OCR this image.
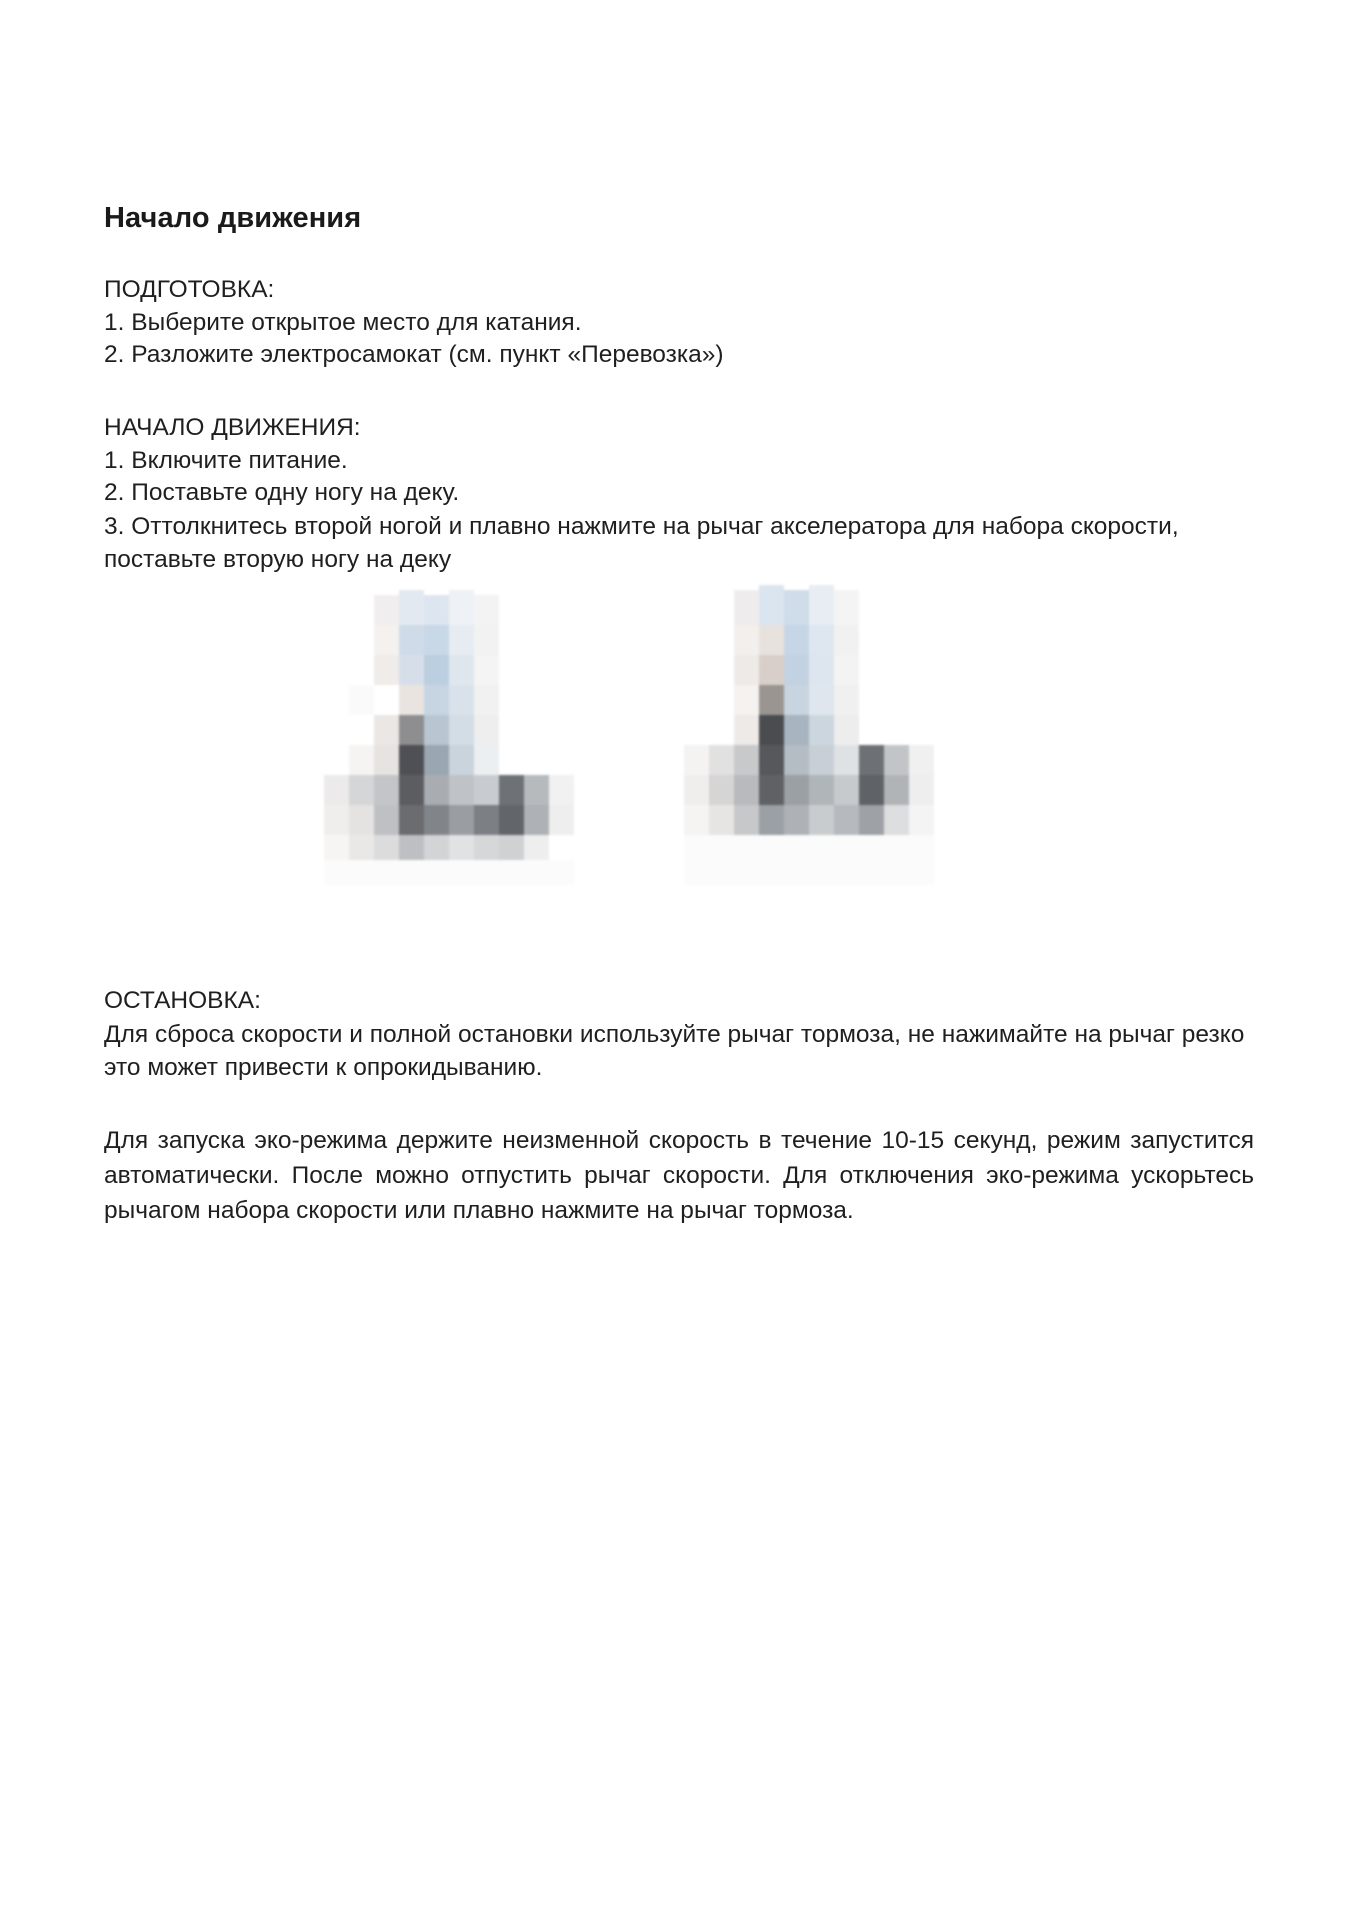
Начало движения
ПОДГОТОВКА:
1. Выберите открытое место для катания.
2. Разложите электросамокат (см. пункт «Перевозка»)
НАЧАЛО ДВИЖЕНИЯ:
1. Включите питание.
2. Поставьте одну ногу на деку.

3. Оттолкнитесь второй ногой и плавно нажмите на рычаг акселератора для набора скорости, поставьте вторую ногу на деку

ОСТАНОВКА:

Для сброса скорости и полной остановки используйте рычаг тормоза, не нажимайте на рычаг резко это может привести к опрокидыванию.

Для запуска эко-режима держите неизменной скорость в течение 10-15 секунд, режим запустится автоматически. После можно отпустить рычаг скорости. Для отключения эко-режима ускорьтесь рычагом набора скорости или плавно нажмите на рычаг тормоза.
